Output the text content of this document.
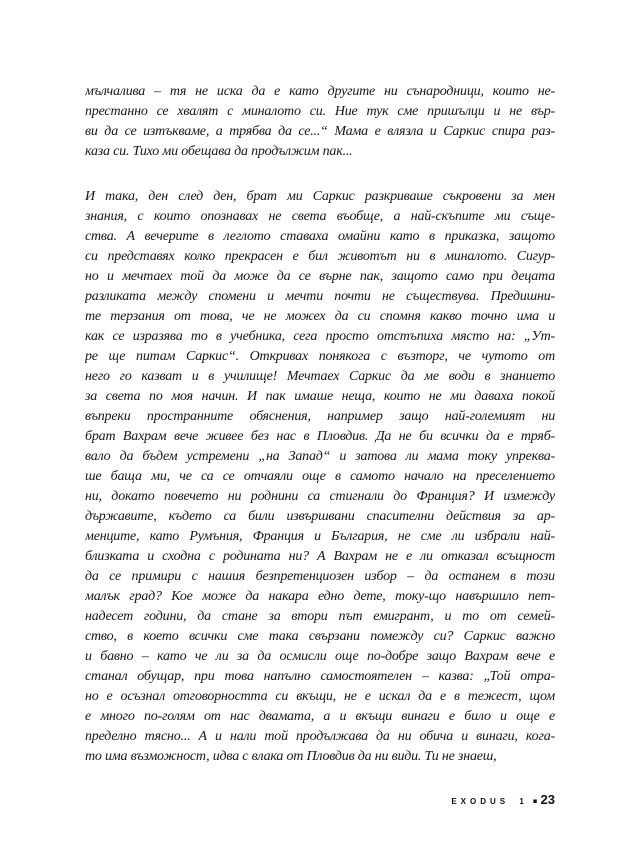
мълчалива – тя не иска да е като другите ни сънародници, които не-
престанно се хвалят с миналото си. Ние тук сме пришълци и не вър-
ви да се изтъкваме, а трябва да се...“ Мама е влязла и Саркис спира раз-
каза си. Тихо ми обещава да продължим пак...
И така, ден след ден, брат ми Саркис разкриваше съкровени за мен
знания, с които опознавах не света въобще, а най-скъпите ми съще-
ства. А вечерите в леглото ставаха омайни като в приказка, защото
си представях колко прекрасен е бил животът ни в миналото. Сигур-
но и мечтаех той да може да се върне пак, защото само при децата
разликата между спомени и мечти почти не съществува. Предишни-
те терзания от това, че не можех да си спомня какво точно има и
как се изразява то в учебника, сега просто отстъпиха място на: „Ут-
ре ще питам Саркис“. Откривах понякога с възторг, че чутото от
него го казват и в училище! Мечтаех Саркис да ме води в знанието
за света по моя начин. И пак имаше неща, които не ми даваха покой
въпреки пространните обяснения, например защо най-големият ни
брат Вахрам вече живее без нас в Пловдив. Да не би всички да е тряб-
вало да бъдем устремени „на Запад“ и затова ли мама току упреква-
ше баща ми, че са се отчаяли още в самото начало на преселението
ни, докато повечето ни роднини са стигнали до Франция? И измежду
държавите, където са били извършвани спасителни действия за ар-
менците, като Румъния, Франция и България, не сме ли избрали най-
близката и сходна с родината ни? А Вахрам не е ли отказал всъщност
да се примири с нашия безпретенциозен избор – да останем в този
малък град? Кое може да накара едно дете, току-що навършило пет-
надесет години, да стане за втори път емигрант, и то от семей-
ство, в което всички сме така свързани помежду си? Саркис важно
и бавно – като че ли за да осмисли още по-добре защо Вахрам вече е
станал обущар, при това напълно самостоятелен – казва: „Той отра-
но е осъзнал отговорността си вкъщи, не е искал да е в тежест, щом
е много по-голям от нас двамата, а и вкъщи винаги е било и още е
пределно тясно... А и нали той продължава да ни обича и винаги, кога-
то има възможност, идва с влака от Пловдив да ни види. Ти не знаеш,
EXODUS 1 ▪ 23
